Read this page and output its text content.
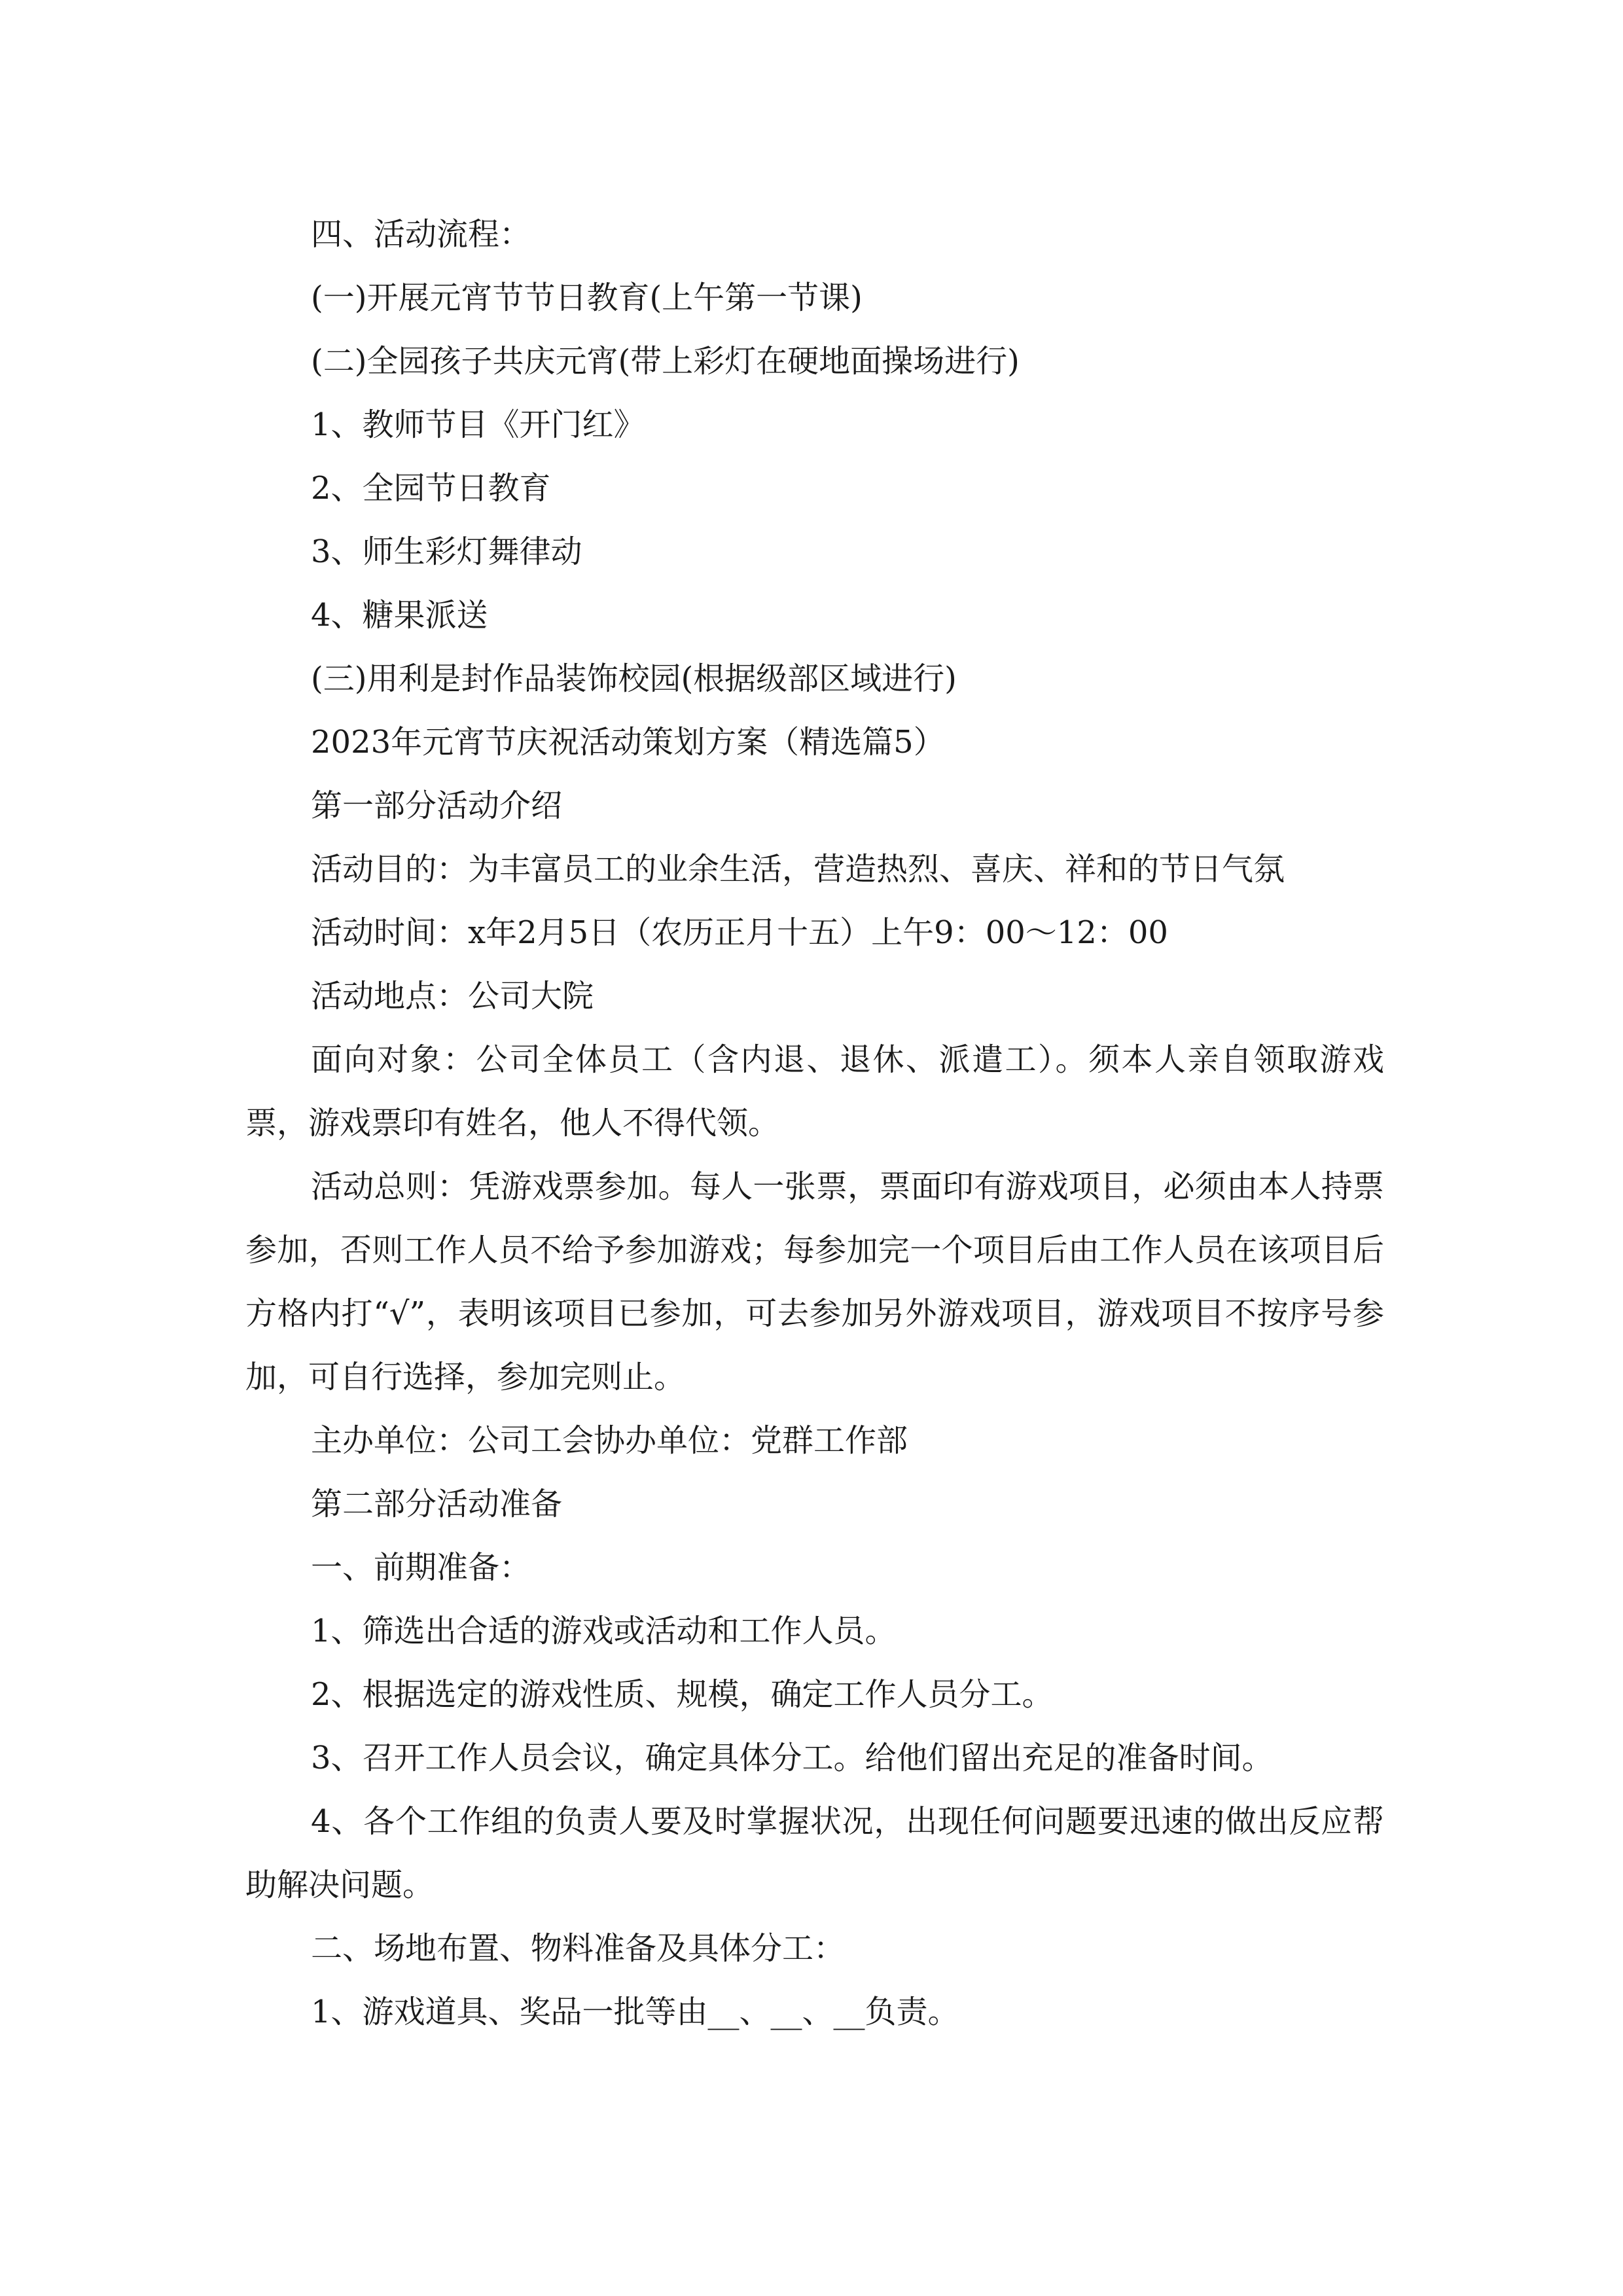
四、活动流程：

(一)开展元宵节节日教育(上午第一节课)

(二)全园孩子共庆元宵(带上彩灯在硬地面操场进行)

1、教师节目《开门红》

2、全园节日教育

3、师生彩灯舞律动

4、糖果派送

(三)用利是封作品装饰校园(根据级部区域进行)

2023年元宵节庆祝活动策划方案（精选篇5）

第一部分活动介绍

活动目的：为丰富员工的业余生活，营造热烈、喜庆、祥和的节日气氛

活动时间：x年2月5日（农历正月十五）上午9：00～12：00

活动地点：公司大院

面向对象：公司全体员工（含内退、退休、派遣工）。须本人亲自领取游戏票，游戏票印有姓名，他人不得代领。

活动总则：凭游戏票参加。每人一张票，票面印有游戏项目，必须由本人持票参加，否则工作人员不给予参加游戏；每参加完一个项目后由工作人员在该项目后方格内打“√”，表明该项目已参加，可去参加另外游戏项目，游戏项目不按序号参加，可自行选择，参加完则止。

主办单位：公司工会协办单位：党群工作部

第二部分活动准备

一、前期准备：

1、筛选出合适的游戏或活动和工作人员。

2、根据选定的游戏性质、规模，确定工作人员分工。

3、召开工作人员会议，确定具体分工。给他们留出充足的准备时间。

4、各个工作组的负责人要及时掌握状况，出现任何问题要迅速的做出反应帮助解决问题。

二、场地布置、物料准备及具体分工：

1、游戏道具、奖品一批等由__、__、__负责。
